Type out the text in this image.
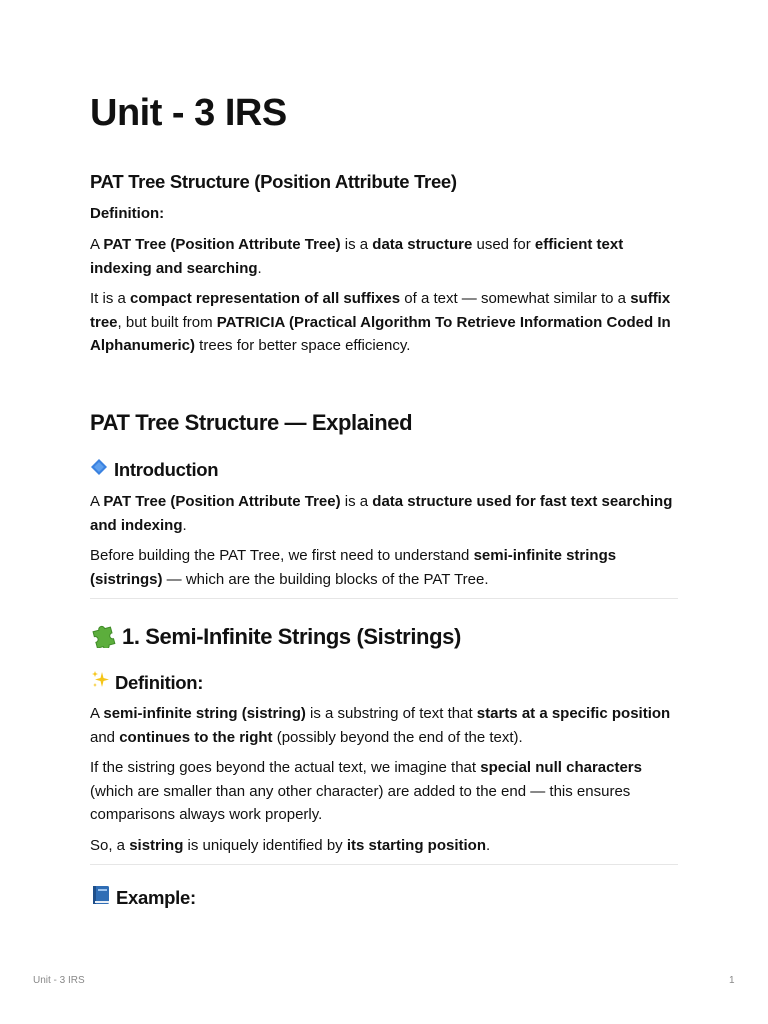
Unit - 3 IRS
PAT Tree Structure (Position Attribute Tree)

Definition:

A PAT Tree (Position Attribute Tree) is a data structure used for efficient text indexing and searching.

It is a compact representation of all suffixes of a text — somewhat similar to a suffix tree, but built from PATRICIA (Practical Algorithm To Retrieve Information Coded In Alphanumeric) trees for better space efficiency.

PAT Tree Structure — Explained
Introduction

A PAT Tree (Position Attribute Tree) is a data structure used for fast text searching and indexing.

Before building the PAT Tree, we first need to understand semi-infinite strings (sistrings) — which are the building blocks of the PAT Tree.

1. Semi-Infinite Strings (Sistrings)
Definition:

A semi-infinite string (sistring) is a substring of text that starts at a specific position and continues to the right (possibly beyond the end of the text).

If the sistring goes beyond the actual text, we imagine that special null characters (which are smaller than any other character) are added to the end — this ensures comparisons always work properly.

So, a sistring is uniquely identified by its starting position.

Example:
Unit - 3 IRS	1
